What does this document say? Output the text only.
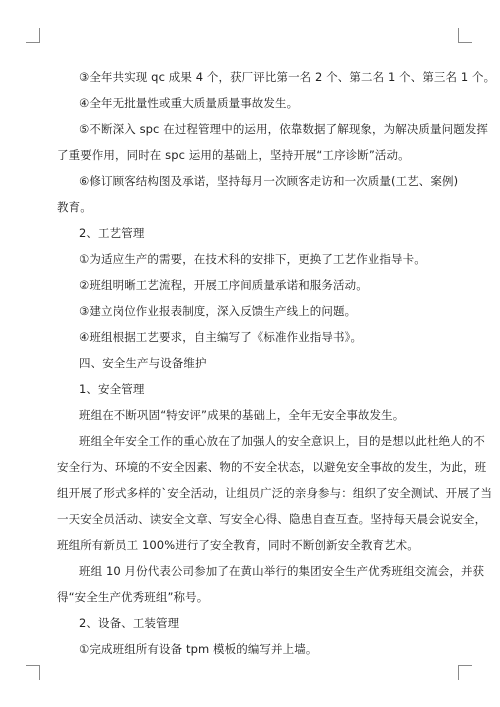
③全年共实现 qc 成果 4 个，获厂评比第一名 2 个、第二名 1 个、第三名 1 个。
④全年无批量性或重大质量质量事故发生。
⑤不断深入 spc 在过程管理中的运用，依靠数据了解现象，为解决质量问题发挥
了重要作用，同时在 spc 运用的基础上，坚持开展“工序诊断”活动。
⑥修订顾客结构图及承诺，坚持每月一次顾客走访和一次质量(工艺、案例)
教育。
2、工艺管理
①为适应生产的需要，在技术科的安排下，更换了工艺作业指导卡。
②班组明晰工艺流程，开展工序间质量承诺和服务活动。
③建立岗位作业报表制度，深入反馈生产线上的问题。
④班组根据工艺要求，自主编写了《标准作业指导书》。
四、安全生产与设备维护
1、安全管理
班组在不断巩固“特安评”成果的基础上，全年无安全事故发生。
班组全年安全工作的重心放在了加强人的安全意识上，目的是想以此杜绝人的不
安全行为、环境的不安全因素、物的不安全状态，以避免安全事故的发生，为此，班
组开展了形式多样的`安全活动，让组员广泛的亲身参与：组织了安全测试、开展了当
一天安全员活动、读安全文章、写安全心得、隐患自查互查。坚持每天晨会说安全，
班组所有新员工 100%进行了安全教育，同时不断创新安全教育艺术。
班组 10 月份代表公司参加了在黄山举行的集团安全生产优秀班组交流会，并获
得“安全生产优秀班组”称号。
2、设备、工装管理
①完成班组所有设备 tpm 模板的编写并上墙。
